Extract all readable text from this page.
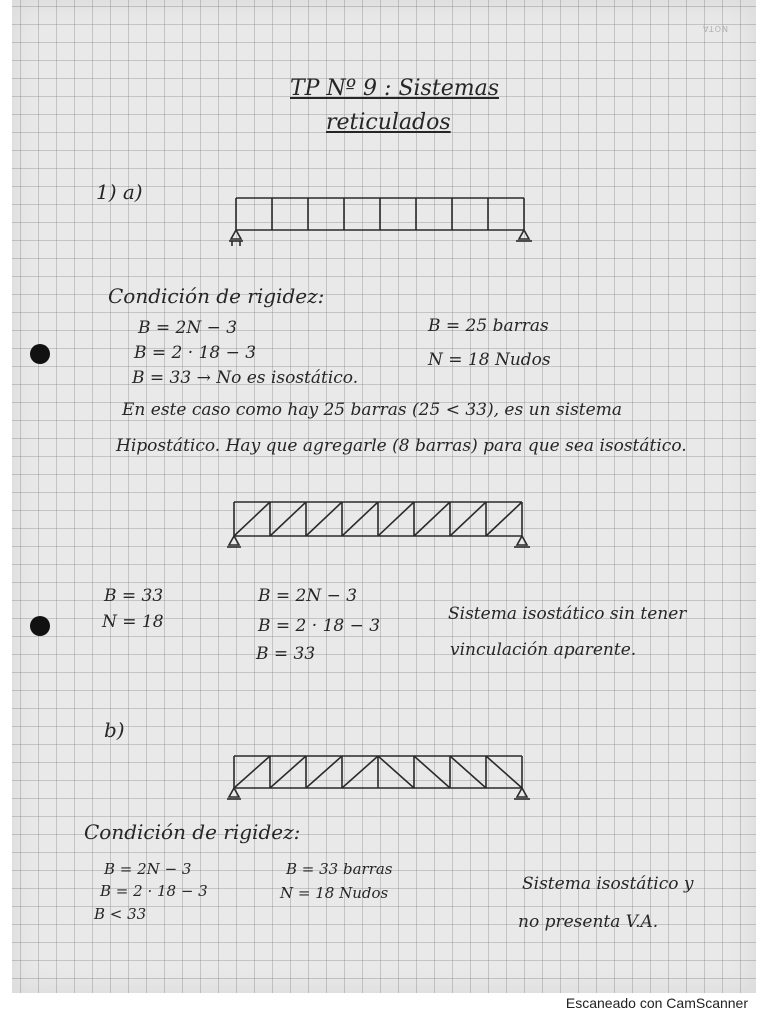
NOTA
TP Nº 9 : Sistemas
reticulados
1) a)
Condición de rigidez:
B = 2N − 3
B = 2 · 18 − 3
B = 33 → No es isostático.
B = 25 barras
N = 18 Nudos
En este caso como hay 25 barras (25 < 33), es un sistema
Hipostático. Hay que agregarle (8 barras) para que sea isostático.
B = 33
N = 18
B = 2N − 3
B = 2 · 18 − 3
B = 33
Sistema isostático sin tener
vinculación aparente.
b)
Condición de rigidez:
B = 2N − 3
B = 2 · 18 − 3
B < 33
B = 33 barras
N = 18 Nudos	Sistema isostático y
no presenta V.A.
Escaneado con CamScanner
